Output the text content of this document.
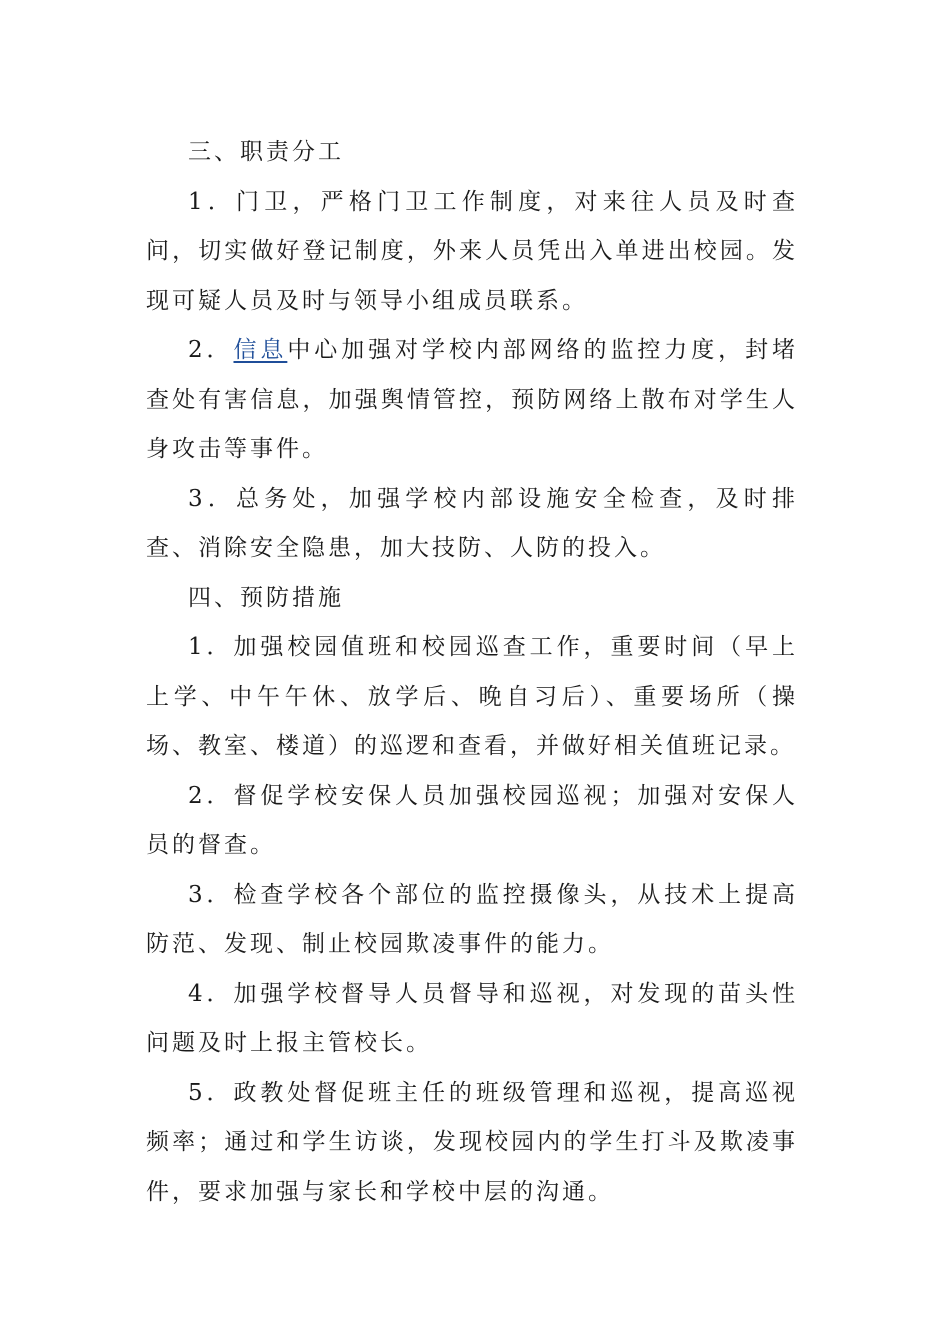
三、职责分工

1．门卫，严格门卫工作制度，对来往人员及时查问，切实做好登记制度，外来人员凭出入单进出校园。发现可疑人员及时与领导小组成员联系。

2．信息中心加强对学校内部网络的监控力度，封堵查处有害信息，加强舆情管控，预防网络上散布对学生人身攻击等事件。

3．总务处，加强学校内部设施安全检查，及时排查、消除安全隐患，加大技防、人防的投入。

四、预防措施

1．加强校园值班和校园巡查工作，重要时间（早上上学、中午午休、放学后、晚自习后）、重要场所（操场、教室、楼道）的巡逻和查看，并做好相关值班记录。

2．督促学校安保人员加强校园巡视；加强对安保人员的督查。

3．检查学校各个部位的监控摄像头，从技术上提高防范、发现、制止校园欺凌事件的能力。

4．加强学校督导人员督导和巡视，对发现的苗头性问题及时上报主管校长。

5．政教处督促班主任的班级管理和巡视，提高巡视频率；通过和学生访谈，发现校园内的学生打斗及欺凌事件，要求加强与家长和学校中层的沟通。
